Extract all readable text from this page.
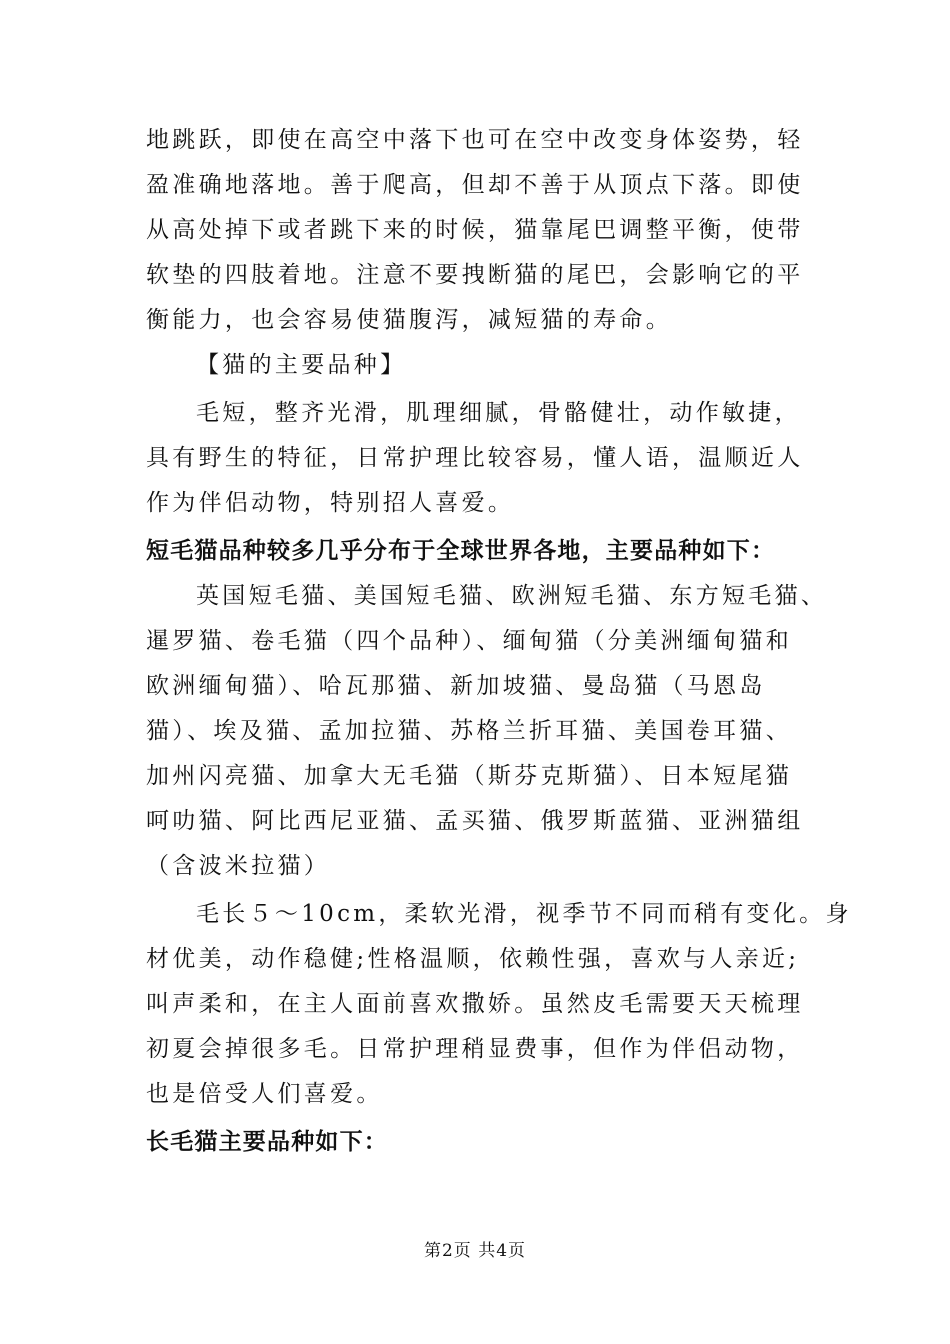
地跳跃，即使在高空中落下也可在空中改变身体姿势，轻
盈准确地落地。善于爬高，但却不善于从顶点下落。即使
从高处掉下或者跳下来的时候，猫靠尾巴调整平衡，使带
软垫的四肢着地。注意不要拽断猫的尾巴，会影响它的平
衡能力，也会容易使猫腹泻，减短猫的寿命。
【猫的主要品种】
毛短，整齐光滑，肌理细腻，骨骼健壮，动作敏捷，
具有野生的特征，日常护理比较容易，懂人语，温顺近人
作为伴侣动物，特别招人喜爱。
短毛猫品种较多几乎分布于全球世界各地，主要品种如下：
英国短毛猫、美国短毛猫、欧洲短毛猫、东方短毛猫、
暹罗猫、卷毛猫（四个品种）、缅甸猫（分美洲缅甸猫和
欧洲缅甸猫）、哈瓦那猫、新加坡猫、曼岛猫（马恩岛
猫）、埃及猫、孟加拉猫、苏格兰折耳猫、美国卷耳猫、
加州闪亮猫、加拿大无毛猫（斯芬克斯猫）、日本短尾猫
呵叻猫、阿比西尼亚猫、孟买猫、俄罗斯蓝猫、亚洲猫组
（含波米拉猫）
毛长５～10cm，柔软光滑，视季节不同而稍有变化。身
材优美，动作稳健;性格温顺，依赖性强，喜欢与人亲近;
叫声柔和，在主人面前喜欢撒娇。虽然皮毛需要天天梳理
初夏会掉很多毛。日常护理稍显费事，但作为伴侣动物，
也是倍受人们喜爱。
长毛猫主要品种如下：
第2页 共4页
